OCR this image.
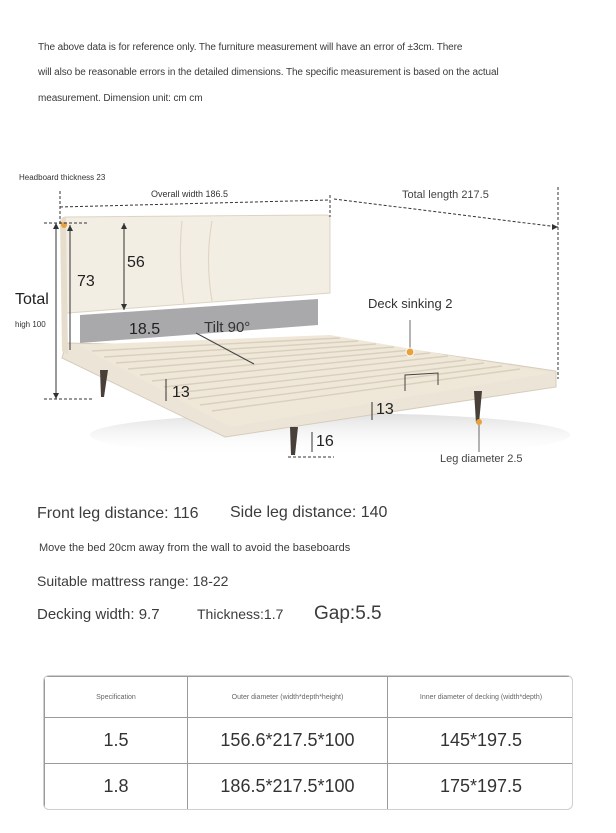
The above data is for reference only. The furniture measurement will have an error of ±3cm. There

will also be reasonable errors in the detailed dimensions. The specific measurement is based on the actual

measurement. Dimension unit: cm cm

Headboard thickness 23
Overall width 186.5	Total length 217.5
Total
high 100
73
56
18.5	Tilt 90°
Deck sinking 2
13
13
16
Leg diameter 2.5
Front leg distance: 116 Side leg distance: 140
Move the bed 20cm away from the wall to avoid the baseboards
Suitable mattress range: 18-22
Decking width: 9.7	Thickness:1.7 Gap:5.5
Specification	Outer diameter (width*depth*height)	Inner diameter of decking (width*depth)
1.5	156.6*217.5*100	145*197.5
1.8	186.5*217.5*100	175*197.5
